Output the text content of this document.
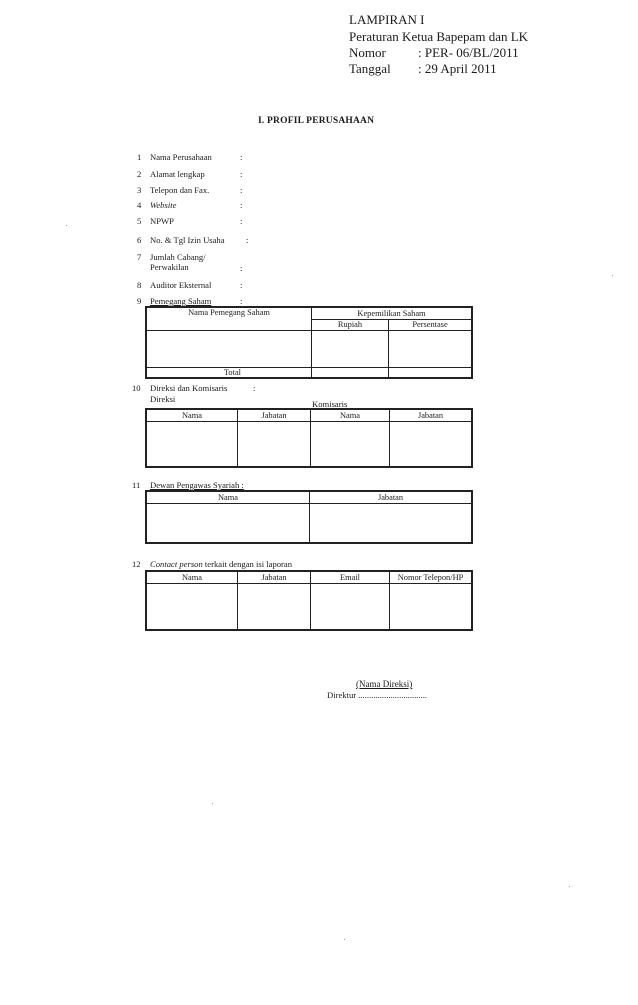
LAMPIRAN I
Peraturan Ketua Bapepam dan LK
Nomor : PER- 06/BL/2011
Tanggal : 29 April 2011
I. PROFIL PERUSAHAAN
1 Nama Perusahaan	:
2 Alamat lengkap	:
3 Telepon dan Fax.	:
4 Website	:
5 NPWP	:
6 No. & Tgl Izin Usaha :
7 Jumlah Cabang/
Perwakilan	:
8 Auditor Eksternal	:
9 Pemegang Saham	:
Nama Pemegang Saham	Kepemilikan Saham	
	Rupiah	Persentase

Total		
10 Direksi dan Komisaris	:
Direksi	Komisaris
Nama	Jabatan	Nama	Jabatan

11 Dewan Pengawas Syariah :
Nama	Jabatan

12 Contact person terkait dengan isi laporan
Nama	Jabatan	Email	Nomor Telepon/HP

(Nama Direksi)
Direktur ................................
